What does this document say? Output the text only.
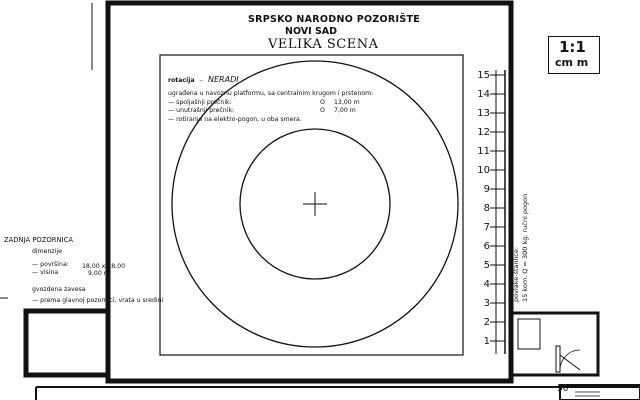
SRPSKO NARODNO POZORIŠTE
NOVI SAD
VELIKA SCENA	1:1
cm m
rotacija – NERADI
ugrađena u navoznu platformu, sa centralnim krugom i prstenom:
— spoljašnji prečnik:	O 13,00 m
— unutrašnji prečnik:	O 7,00 m
— rotiranje na elektro-pogon, u oba smera.
ZADNJA POZORNICA
dimenzije
— površina: 18,00 x 18,00
— visina	9,00 m
gvozdena zavesa
— prema glavnoj pozornici, vrata u sredini
15
14
13
12
11
10
9
8
7
6
5
4
3
2
1
povlake-štanlice: 15 kom. Q = 300 kg, ručni pogon
50
